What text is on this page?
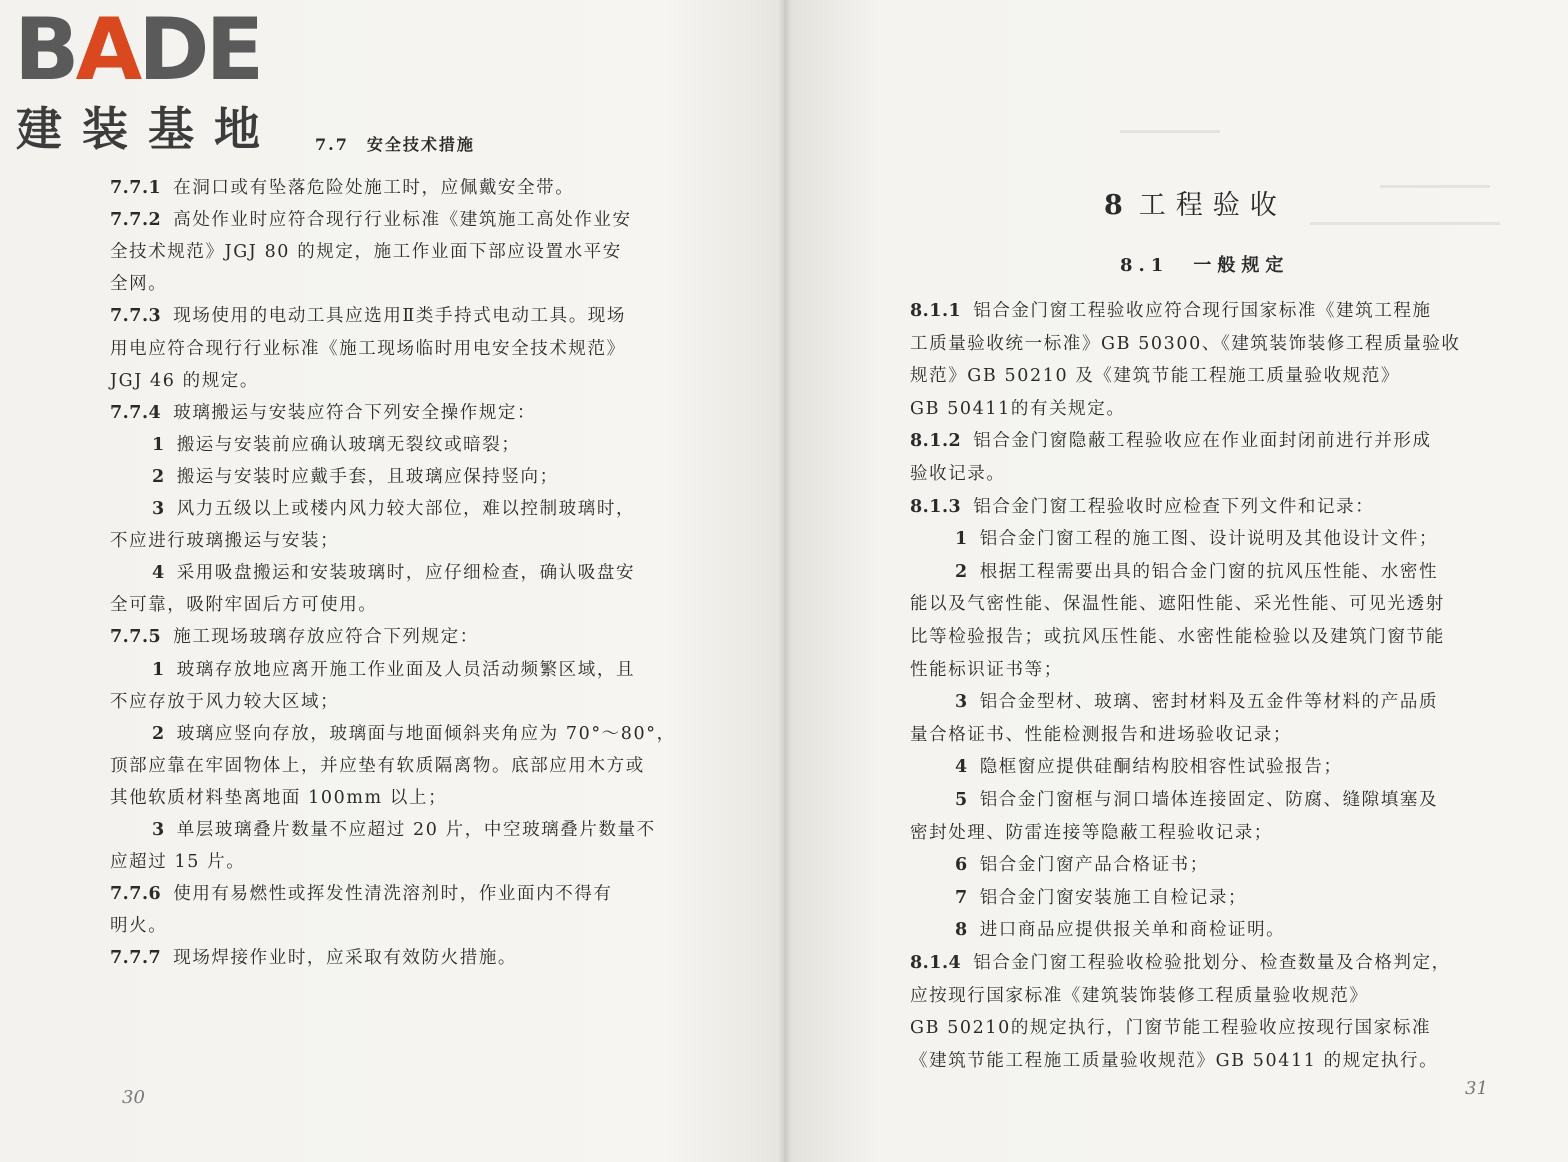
BADE
建装基地 7.7　安全技术措施
7.7.1 在洞口或有坠落危险处施工时，应佩戴安全带。
7.7.2 高处作业时应符合现行行业标准《建筑施工高处作业安
全技术规范》JGJ 80 的规定，施工作业面下部应设置水平安
全网。
7.7.3 现场使用的电动工具应选用Ⅱ类手持式电动工具。现场
用电应符合现行行业标准《施工现场临时用电安全技术规范》
JGJ 46 的规定。
7.7.4 玻璃搬运与安装应符合下列安全操作规定：
1 搬运与安装前应确认玻璃无裂纹或暗裂；
2 搬运与安装时应戴手套，且玻璃应保持竖向；
3 风力五级以上或楼内风力较大部位，难以控制玻璃时，
不应进行玻璃搬运与安装；
4 采用吸盘搬运和安装玻璃时，应仔细检查，确认吸盘安
全可靠，吸附牢固后方可使用。
7.7.5 施工现场玻璃存放应符合下列规定：
1 玻璃存放地应离开施工作业面及人员活动频繁区域，且
不应存放于风力较大区域；
2 玻璃应竖向存放，玻璃面与地面倾斜夹角应为 70°～80°，
顶部应靠在牢固物体上，并应垫有软质隔离物。底部应用木方或
其他软质材料垫离地面 100mm 以上；
3 单层玻璃叠片数量不应超过 20 片，中空玻璃叠片数量不
应超过 15 片。
7.7.6 使用有易燃性或挥发性清洗溶剂时，作业面内不得有
明火。
7.7.7 现场焊接作业时，应采取有效防火措施。
30
8 工程验收
8.1　一般规定
8.1.1 铝合金门窗工程验收应符合现行国家标准《建筑工程施
工质量验收统一标准》GB 50300、《建筑装饰装修工程质量验收
规范》GB 50210 及《建筑节能工程施工质量验收规范》
GB 50411的有关规定。
8.1.2 铝合金门窗隐蔽工程验收应在作业面封闭前进行并形成
验收记录。
8.1.3 铝合金门窗工程验收时应检查下列文件和记录：
1 铝合金门窗工程的施工图、设计说明及其他设计文件；
2 根据工程需要出具的铝合金门窗的抗风压性能、水密性
能以及气密性能、保温性能、遮阳性能、采光性能、可见光透射
比等检验报告；或抗风压性能、水密性能检验以及建筑门窗节能
性能标识证书等；
3 铝合金型材、玻璃、密封材料及五金件等材料的产品质
量合格证书、性能检测报告和进场验收记录；
4 隐框窗应提供硅酮结构胶相容性试验报告；
5 铝合金门窗框与洞口墙体连接固定、防腐、缝隙填塞及
密封处理、防雷连接等隐蔽工程验收记录；
6 铝合金门窗产品合格证书；
7 铝合金门窗安装施工自检记录；
8 进口商品应提供报关单和商检证明。
8.1.4 铝合金门窗工程验收检验批划分、检查数量及合格判定，
应按现行国家标准《建筑装饰装修工程质量验收规范》
GB 50210的规定执行，门窗节能工程验收应按现行国家标准
《建筑节能工程施工质量验收规范》GB 50411 的规定执行。
31
